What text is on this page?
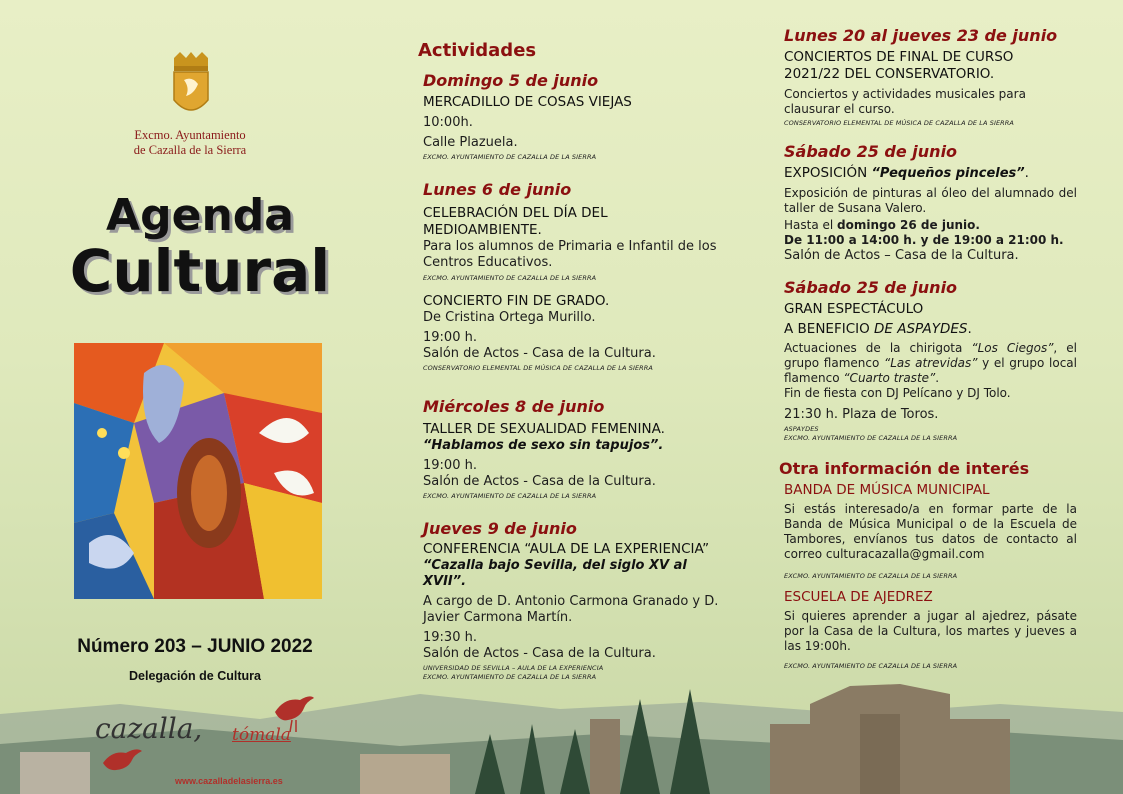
Excmo. Ayuntamiento
de Cazalla de la Sierra
Agenda
Cultural
Número 203 – JUNIO 2022
Delegación de Cultura
cazalla, tómala
www.cazalladelasierra.es
Actividades
Domingo 5 de junio
MERCADILLO DE COSAS VIEJAS
10:00h.
Calle Plazuela.
EXCMO. AYUNTAMIENTO DE CAZALLA DE LA SIERRA
Lunes 6 de junio
CELEBRACIÓN DEL DÍA DEL MEDIOAMBIENTE.
Para los alumnos de Primaria e Infantil de los Centros Educativos.
EXCMO. AYUNTAMIENTO DE CAZALLA DE LA SIERRA
CONCIERTO FIN DE GRADO.
De Cristina Ortega Murillo.
19:00 h.
Salón de Actos - Casa de la Cultura.
CONSERVATORIO ELEMENTAL DE MÚSICA DE CAZALLA DE LA SIERRA
Miércoles 8 de junio
TALLER DE SEXUALIDAD FEMENINA.
“Hablamos de sexo sin tapujos”.
19:00 h.
Salón de Actos - Casa de la Cultura.
EXCMO. AYUNTAMIENTO DE CAZALLA DE LA SIERRA
Jueves 9 de junio
CONFERENCIA “AULA DE LA EXPERIENCIA”
“Cazalla bajo Sevilla, del siglo XV al XVII”.
A cargo de D. Antonio Carmona Granado y D. Javier Carmona Martín.
19:30 h.
Salón de Actos - Casa de la Cultura.
UNIVERSIDAD DE SEVILLA – AULA DE LA EXPERIENCIA
EXCMO. AYUNTAMIENTO DE CAZALLA DE LA SIERRA
Lunes 20 al jueves 23 de junio
CONCIERTOS DE FINAL DE CURSO 2021/22 DEL CONSERVATORIO.
Conciertos y actividades musicales para clausurar el curso.
CONSERVATORIO ELEMENTAL DE MÚSICA DE CAZALLA DE LA SIERRA
Sábado 25 de junio
EXPOSICIÓN “Pequeños pinceles”.
Exposición de pinturas al óleo del alumnado del taller de Susana Valero.
Hasta el domingo 26 de junio.
De 11:00 a 14:00 h. y de 19:00 a 21:00 h.
Salón de Actos – Casa de la Cultura.
Sábado 25 de junio
GRAN ESPECTÁCULO
A BENEFICIO DE ASPAYDES.
Actuaciones de la chirigota “Los Ciegos”, el grupo flamenco “Las atrevidas” y el grupo local flamenco “Cuarto traste”.
Fin de fiesta con DJ Pelícano y DJ Tolo.
21:30 h. Plaza de Toros.
ASPAYDES
EXCMO. AYUNTAMIENTO DE CAZALLA DE LA SIERRA
Otra información de interés
BANDA DE MÚSICA MUNICIPAL
Si estás interesado/a en formar parte de la Banda de Música Municipal o de la Escuela de Tambores, envíanos tus datos de contacto al correo culturacazalla@gmail.com
EXCMO. AYUNTAMIENTO DE CAZALLA DE LA SIERRA
ESCUELA DE AJEDREZ
Si quieres aprender a jugar al ajedrez, pásate por la Casa de la Cultura, los martes y jueves a las 19:00h.
EXCMO. AYUNTAMIENTO DE CAZALLA DE LA SIERRA
